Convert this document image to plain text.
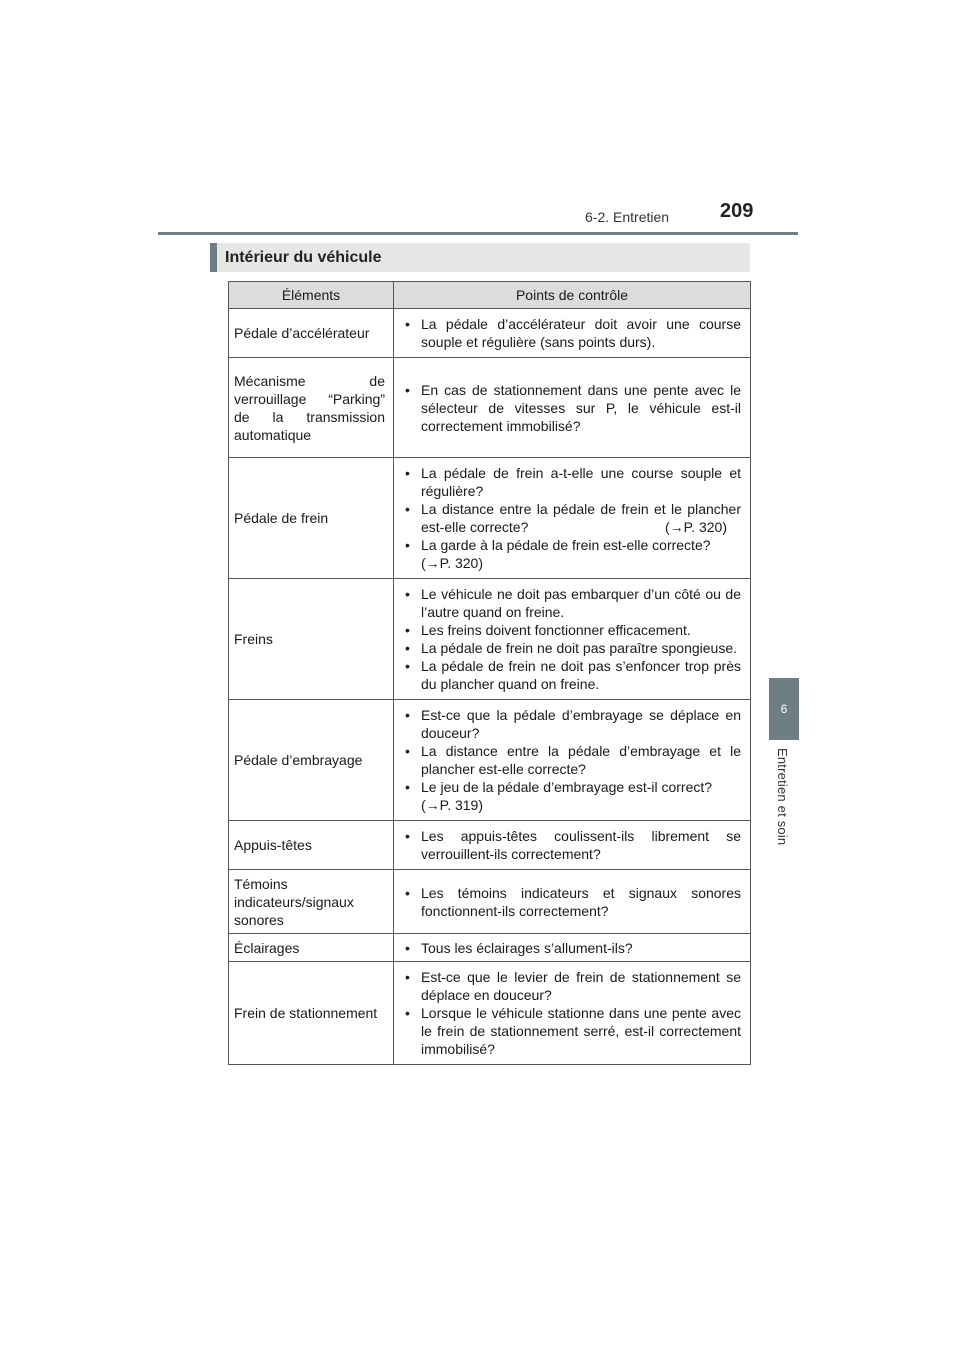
6-2. Entretien	209
6
Entretien et soin
Intérieur du véhicule
Éléments	Points de contrôle
Pédale d’accélérateur	• La pédale d’accélérateur doit avoir une course souple et régulière (sans points durs).

Mécanisme de verrouillage “Parking” de la transmission automatique	• En cas de stationnement dans une pente avec le sélecteur de vitesses sur P, le véhicule est-il correctement immobilisé?

Pédale de frein	• La pédale de frein a-t-elle une course souple et régulière?
• La distance entre la pédale de frein et le plancher est-elle correcte? (→P. 320)
• La garde à la pédale de frein est-elle correcte?
(→P. 320)

Freins	• Le véhicule ne doit pas embarquer d’un côté ou de l’autre quand on freine.
• Les freins doivent fonctionner efficacement.
• La pédale de frein ne doit pas paraître spongieuse.
• La pédale de frein ne doit pas s’enfoncer trop près du plancher quand on freine.

Pédale d’embrayage	• Est-ce que la pédale d’embrayage se déplace en douceur?
• La distance entre la pédale d’embrayage et le plancher est-elle correcte?
• Le jeu de la pédale d’embrayage est-il correct?
(→P. 319)

Appuis-têtes	• Les appuis-têtes coulissent-ils librement se verrouillent-ils correctement?

Témoins indicateurs/signaux sonores	• Les témoins indicateurs et signaux sonores fonctionnent-ils correctement?

Éclairages	• Tous les éclairages s’allument-ils?

Frein de stationnement	• Est-ce que le levier de frein de stationnement se déplace en douceur?
• Lorsque le véhicule stationne dans une pente avec le frein de stationnement serré, est-il correctement immobilisé?
